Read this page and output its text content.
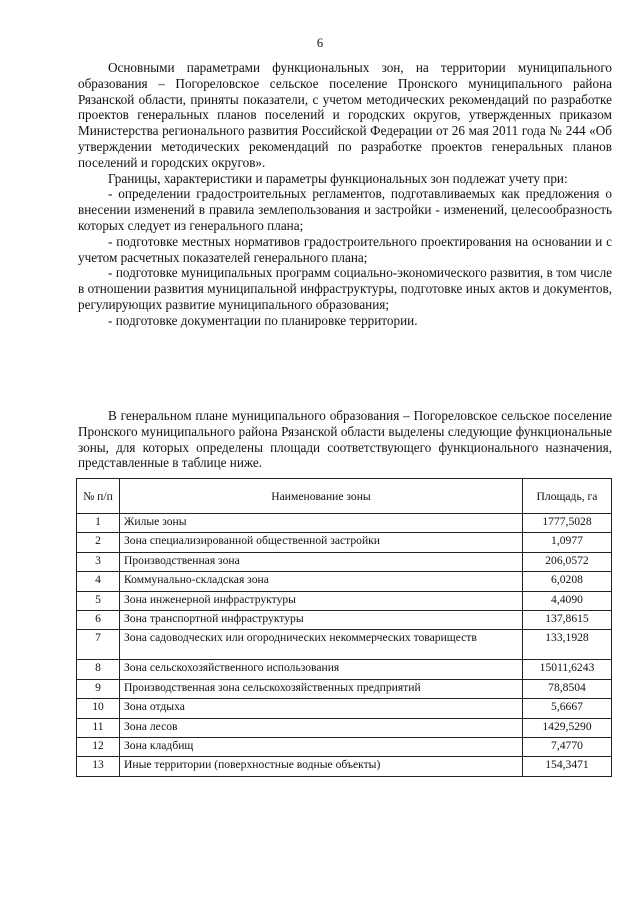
6

Основными параметрами функциональных зон, на территории муниципального образования – Погореловское сельское поселение Пронского муниципального района Рязанской области, приняты показатели, с учетом методических рекомендаций по разработке проектов генеральных планов поселений и городских округов, утвержденных приказом Министерства регионального развития Российской Федерации от 26 мая 2011 года № 244 «Об утверждении методических рекомендаций по разработке проектов генеральных планов поселений и городских округов».

Границы, характеристики и параметры функциональных зон подлежат учету при:

- определении градостроительных регламентов, подготавливаемых как предложения о внесении изменений в правила землепользования и застройки - изменений, целесообразность которых следует из генерального плана;

- подготовке местных нормативов градостроительного проектирования на основании и с учетом расчетных показателей генерального плана;

- подготовке муниципальных программ социально-экономического развития, в том числе в отношении развития муниципальной инфраструктуры, подготовке иных актов и документов, регулирующих развитие муниципального образования;

- подготовке документации по планировке территории.

В генеральном плане муниципального образования – Погореловское сельское поселение Пронского муниципального района Рязанской области выделены следующие функциональные зоны, для которых определены площади соответствующего функционального назначения, представленные в таблице ниже.

№ п/п	Наименование зоны	Площадь, га
1	Жилые зоны	1777,5028
2	Зона специализированной общественной застройки	1,0977
3	Производственная зона	206,0572
4	Коммунально-складская зона	6,0208
5	Зона инженерной инфраструктуры	4,4090
6	Зона транспортной инфраструктуры	137,8615
7	Зона садоводческих или огороднических некоммерческих товариществ	133,1928
8	Зона сельскохозяйственного использования	15011,6243
9	Производственная зона сельскохозяйственных предприятий	78,8504
10	Зона отдыха	5,6667
11	Зона лесов	1429,5290
12	Зона кладбищ	7,4770
13	Иные территории (поверхностные водные объекты)	154,3471
